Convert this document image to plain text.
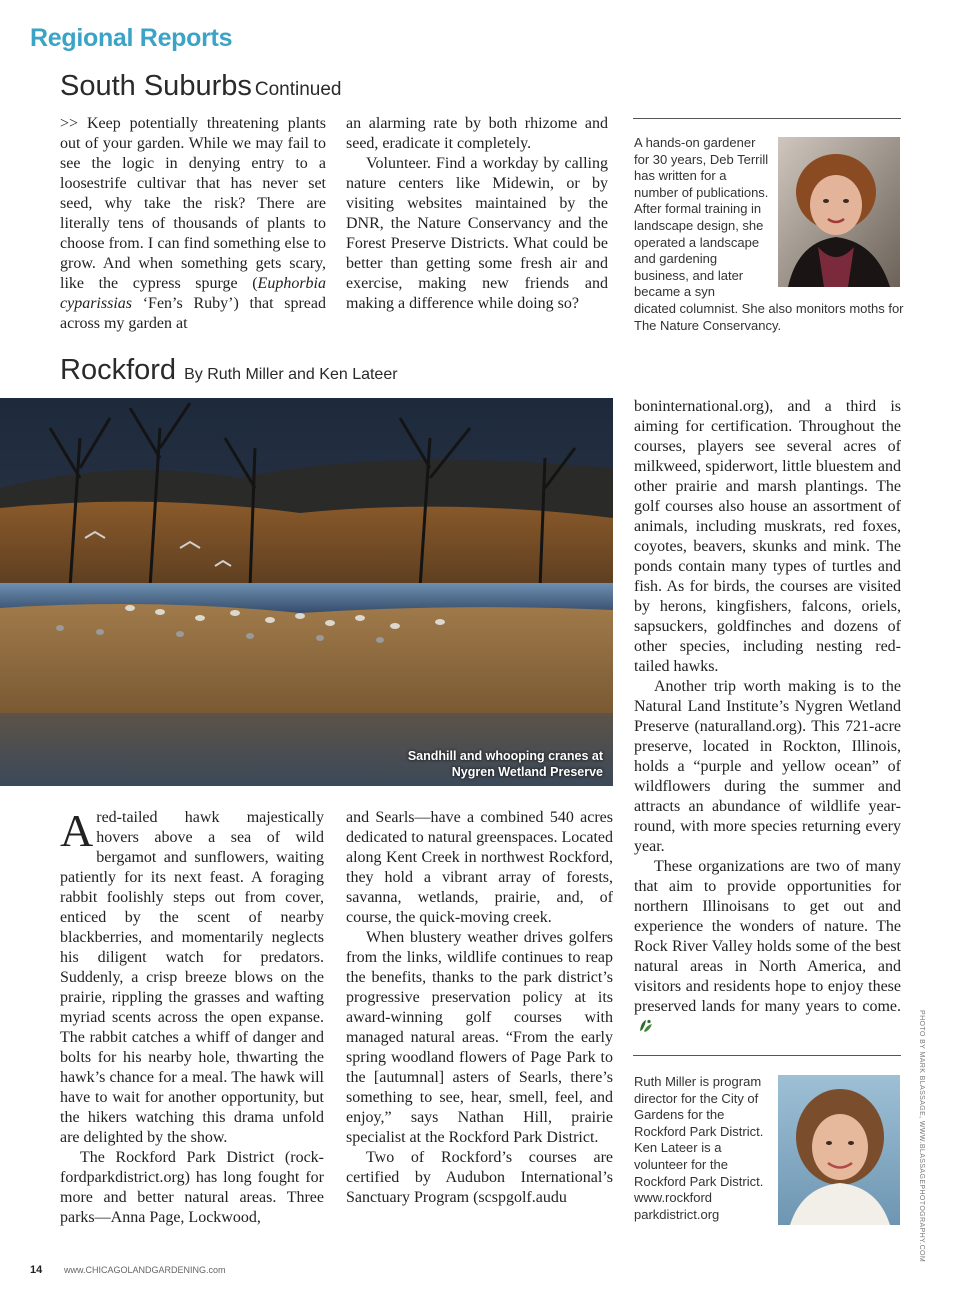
Regional Reports
South Suburbs Continued

>> Keep potentially threatening plants out of your garden. While we may fail to see the logic in denying entry to a loosestrife cultivar that has never set seed, why take the risk? There are literally tens of thousands of plants to choose from. I can find something else to grow. And when something gets scary, like the cypress spurge (Euphorbia cyparissias ‘Fen’s Ruby’) that spread across my garden at

an alarming rate by both rhizome and seed, eradicate it completely.

Volunteer. Find a workday by calling nature centers like Midewin, or by visiting websites maintained by the DNR, the Nature Conservancy and the Forest Preserve Districts. What could be better than getting some fresh air and exercise, making new friends and making a difference while doing so?

A hands-on gardener for 30 years, Deb Terrill has written for a number of publications. After formal training in landscape design, she operated a landscape and gardening business, and later became a syn
dicated columnist. She also monitors moths for The Nature Conservancy.
Rockford By Ruth Miller and Ken Lateer
Sandhill and whooping cranes at
Nygren Wetland Preserve

Ared-tailed hawk majestically hovers above a sea of wild bergamot and sunflowers, waiting patiently for its next feast. A foraging rabbit foolishly steps out from cover, enticed by the scent of nearby blackberries, and momentarily neglects his diligent watch for predators. Suddenly, a crisp breeze blows on the prairie, rippling the grasses and wafting myriad scents across the open expanse. The rabbit catches a whiff of danger and bolts for his nearby hole, thwarting the hawk’s chance for a meal. The hawk will have to wait for another opportunity, but the hikers watching this drama unfold are delighted by the show.

The Rockford Park District (rockfordparkdistrict.org) has long fought for more and better natural areas. Three parks—Anna Page, Lockwood,

and Searls—have a combined 540 acres dedicated to natural greenspaces. Located along Kent Creek in northwest Rockford, they hold a vibrant array of forests, savanna, wetlands, prairie, and, of course, the quick-moving creek.

When blustery weather drives golfers from the links, wildlife continues to reap the benefits, thanks to the park district’s progressive preservation policy at its award-winning golf courses with managed natural areas. “From the early spring woodland flowers of Page Park to the [autumnal] asters of Searls, there’s something to see, hear, smell, feel, and enjoy,” says Nathan Hill, prairie specialist at the Rockford Park District.

Two of Rockford’s courses are certified by Audubon International’s Sanctuary Program (scspgolf.audu

boninternational.org), and a third is aiming for certification. Throughout the courses, players see several acres of milkweed, spiderwort, little bluestem and other prairie and marsh plantings. The golf courses also house an assortment of animals, including muskrats, red foxes, coyotes, beavers, skunks and mink. The ponds contain many types of turtles and fish. As for birds, the courses are visited by herons, kingfishers, falcons, oriels, sapsuckers, goldfinches and dozens of other species, including nesting red-tailed hawks.

Another trip worth making is to the Natural Land Institute’s Nygren Wetland Preserve (naturalland.org). This 721-acre preserve, located in Rockton, Illinois, holds a “purple and yellow ocean” of wildflowers during the summer and attracts an abundance of wildlife year-round, with more species returning every year.

These organizations are two of many that aim to provide opportunities for northern Illinoisans to get out and experience the wonders of nature. The Rock River Valley holds some of the best natural areas in North America, and visitors and residents hope to enjoy these preserved lands for many years to come.

Ruth Miller is program director for the City of Gardens for the Rockford Park District. Ken Lateer is a volunteer for the Rockford Park District. www.rockford parkdistrict.org	PHOTO BY MARK BLASSAGE, WWW.BLASSAGEPHOTOGRAPHY.COM
14 www.CHICAGOLANDGARDENING.com
